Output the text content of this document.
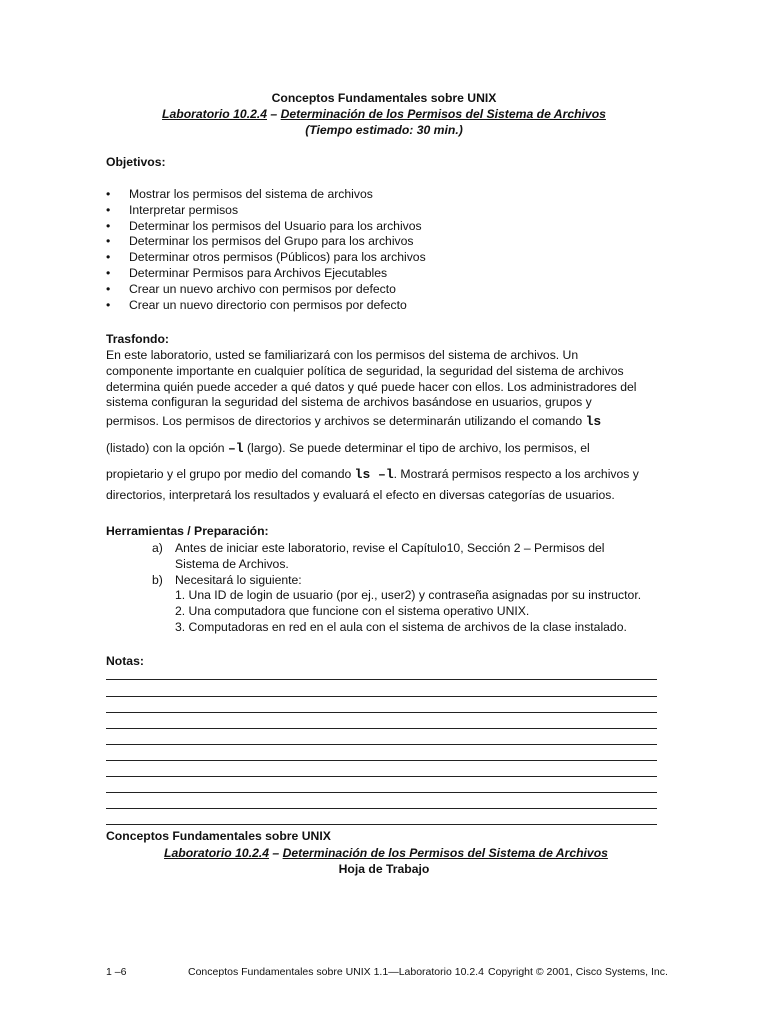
Conceptos Fundamentales sobre UNIX
Laboratorio 10.2.4 – Determinación de los Permisos del Sistema de Archivos
(Tiempo estimado: 30 min.)
Objetivos:
• Mostrar los permisos del sistema de archivos
• Interpretar permisos
• Determinar los permisos del Usuario para los archivos
• Determinar los permisos del Grupo para los archivos
• Determinar otros permisos (Públicos) para los archivos
• Determinar Permisos para Archivos Ejecutables
• Crear un nuevo archivo con permisos por defecto
• Crear un nuevo directorio con permisos por defecto
Trasfondo:
En este laboratorio, usted se familiarizará con los permisos del sistema de archivos. Un
componente importante en cualquier política de seguridad, la seguridad del sistema de archivos
determina quién puede acceder a qué datos y qué puede hacer con ellos. Los administradores del
sistema configuran la seguridad del sistema de archivos basándose en usuarios, grupos y
permisos. Los permisos de directorios y archivos se determinarán utilizando el comando ls
(listado) con la opción –l (largo). Se puede determinar el tipo de archivo, los permisos, el
propietario y el grupo por medio del comando ls –l. Mostrará permisos respecto a los archivos y
directorios, interpretará los resultados y evaluará el efecto en diversas categorías de usuarios.
Herramientas / Preparación:
a) Antes de iniciar este laboratorio, revise el Capítulo10, Sección 2 – Permisos del
Sistema de Archivos.
b) Necesitará lo siguiente:
1. Una ID de login de usuario (por ej., user2) y contraseña asignadas por su instructor.
2. Una computadora que funcione con el sistema operativo UNIX.
3. Computadoras en red en el aula con el sistema de archivos de la clase instalado.
Notas:
Conceptos Fundamentales sobre UNIX
Laboratorio 10.2.4 – Determinación de los Permisos del Sistema de Archivos
Hoja de Trabajo
1 –6	Conceptos Fundamentales sobre UNIX 1.1—Laboratorio 10.2.4 Copyright © 2001, Cisco Systems, Inc.
